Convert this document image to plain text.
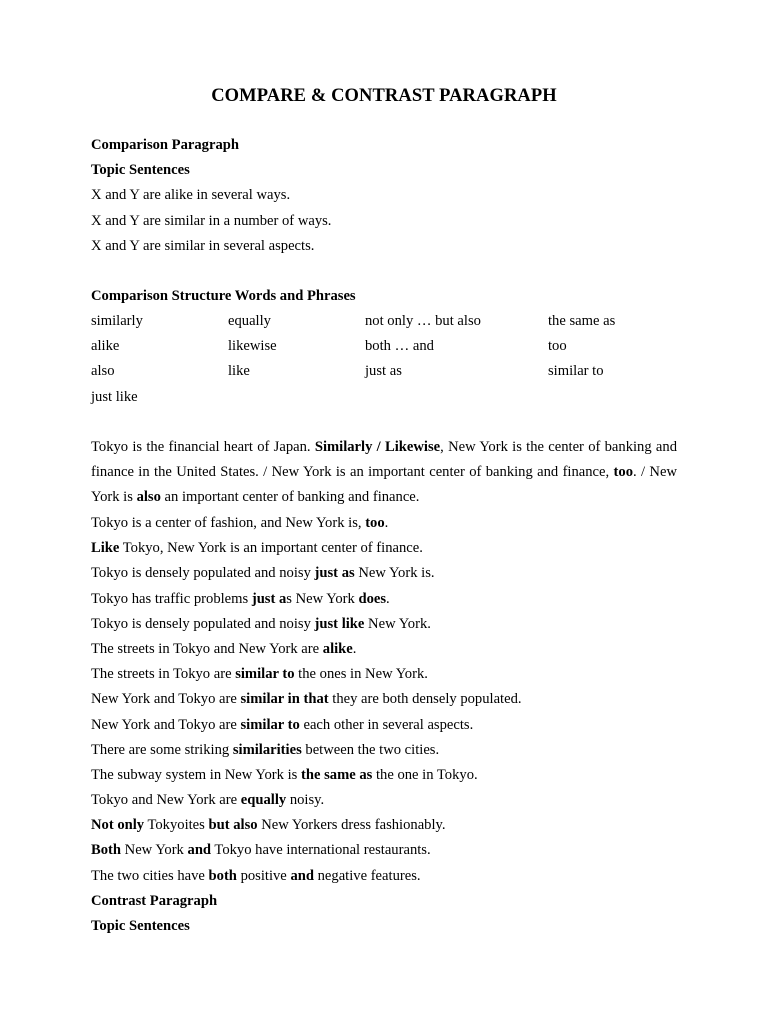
COMPARE & CONTRAST PARAGRAPH
Comparison Paragraph
Topic Sentences
X and Y are alike in several ways.
X and Y are similar in a number of ways.
X and Y are similar in several aspects.
Comparison Structure Words and Phrases
similarly	equally	not only … but also	the same as
alike	likewise	both … and	too
also	like	just as	similar to
just like
Tokyo is the financial heart of Japan. Similarly / Likewise, New York is the center of banking and finance in the United States. / New York is an important center of banking and finance, too. / New York is also an important center of banking and finance.
Tokyo is a center of fashion, and New York is, too.
Like Tokyo, New York is an important center of finance.
Tokyo is densely populated and noisy just as New York is.
Tokyo has traffic problems just as New York does.
Tokyo is densely populated and noisy just like New York.
The streets in Tokyo and New York are alike.
The streets in Tokyo are similar to the ones in New York.
New York and Tokyo are similar in that they are both densely populated.
New York and Tokyo are similar to each other in several aspects.
There are some striking similarities between the two cities.
The subway system in New York is the same as the one in Tokyo.
Tokyo and New York are equally noisy.
Not only Tokyoites but also New Yorkers dress fashionably.
Both New York and Tokyo have international restaurants.
The two cities have both positive and negative features.
Contrast Paragraph
Topic Sentences
